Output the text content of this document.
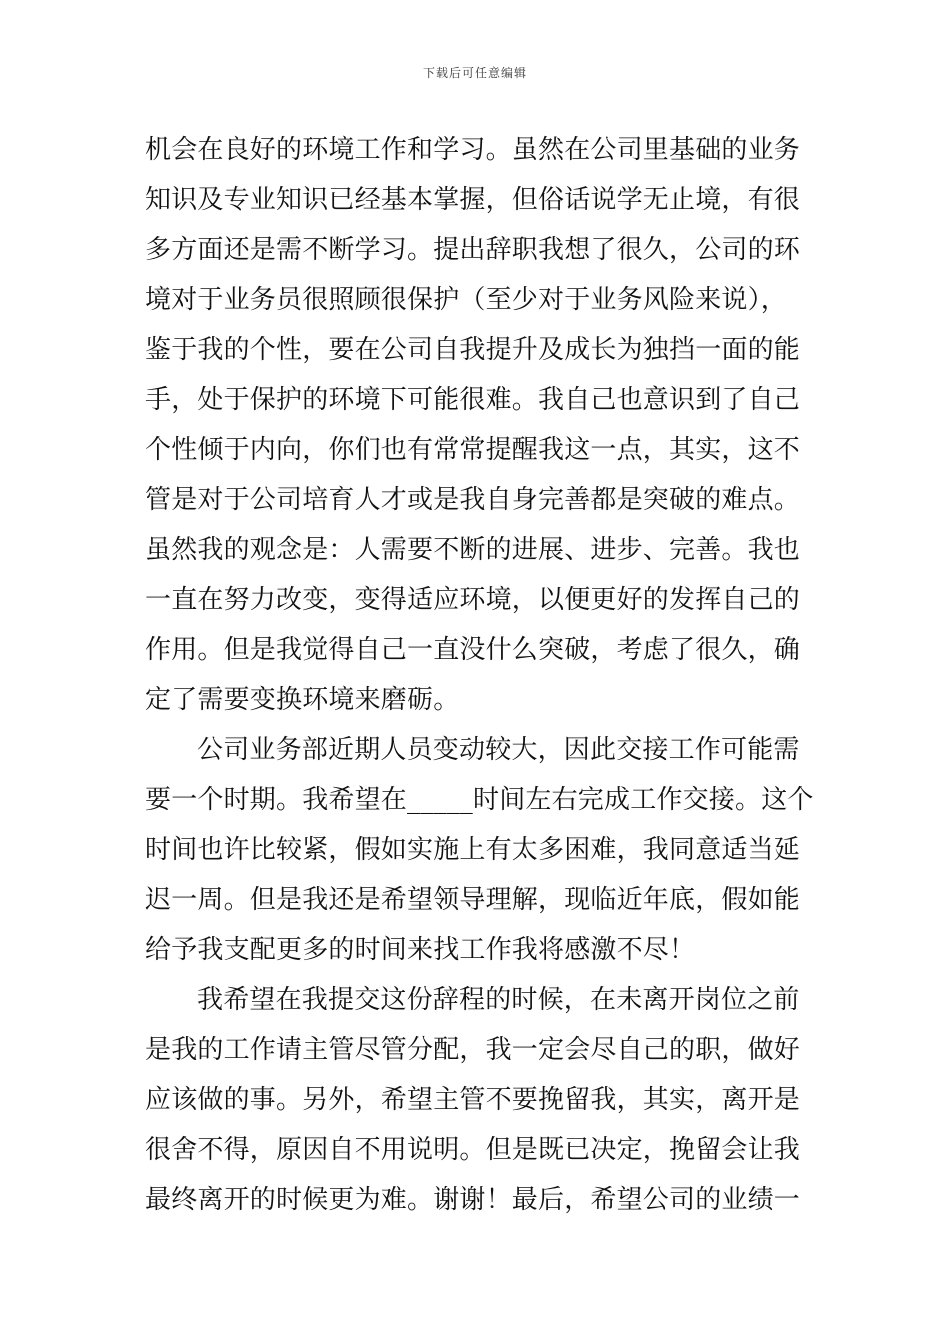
下载后可任意编辑
机会在良好的环境工作和学习。虽然在公司里基础的业务
知识及专业知识已经基本掌握，但俗话说学无止境，有很
多方面还是需不断学习。提出辞职我想了很久，公司的环
境对于业务员很照顾很保护（至少对于业务风险来说），
鉴于我的个性，要在公司自我提升及成长为独挡一面的能
手，处于保护的环境下可能很难。我自己也意识到了自己
个性倾于内向，你们也有常常提醒我这一点，其实，这不
管是对于公司培育人才或是我自身完善都是突破的难点。
虽然我的观念是：人需要不断的进展、进步、完善。我也
一直在努力改变，变得适应环境，以便更好的发挥自己的
作用。但是我觉得自己一直没什么突破，考虑了很久，确
定了需要变换环境来磨砺。
公司业务部近期人员变动较大，因此交接工作可能需
要一个时期。我希望在_____时间左右完成工作交接。这个
时间也许比较紧，假如实施上有太多困难，我同意适当延
迟一周。但是我还是希望领导理解，现临近年底，假如能
给予我支配更多的时间来找工作我将感激不尽！
我希望在我提交这份辞程的时候，在未离开岗位之前
是我的工作请主管尽管分配，我一定会尽自己的职，做好
应该做的事。另外，希望主管不要挽留我，其实，离开是
很舍不得，原因自不用说明。但是既已决定，挽留会让我
最终离开的时候更为难。谢谢！最后，希望公司的业绩一
